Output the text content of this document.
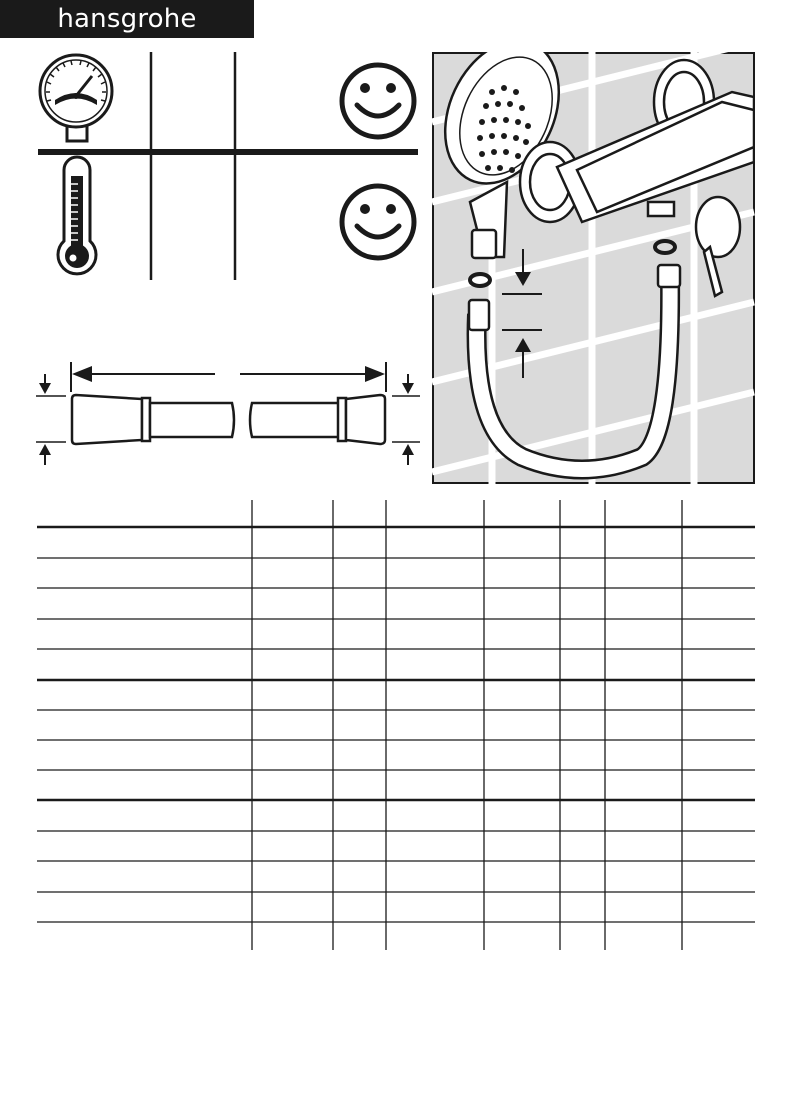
hansgrohe
